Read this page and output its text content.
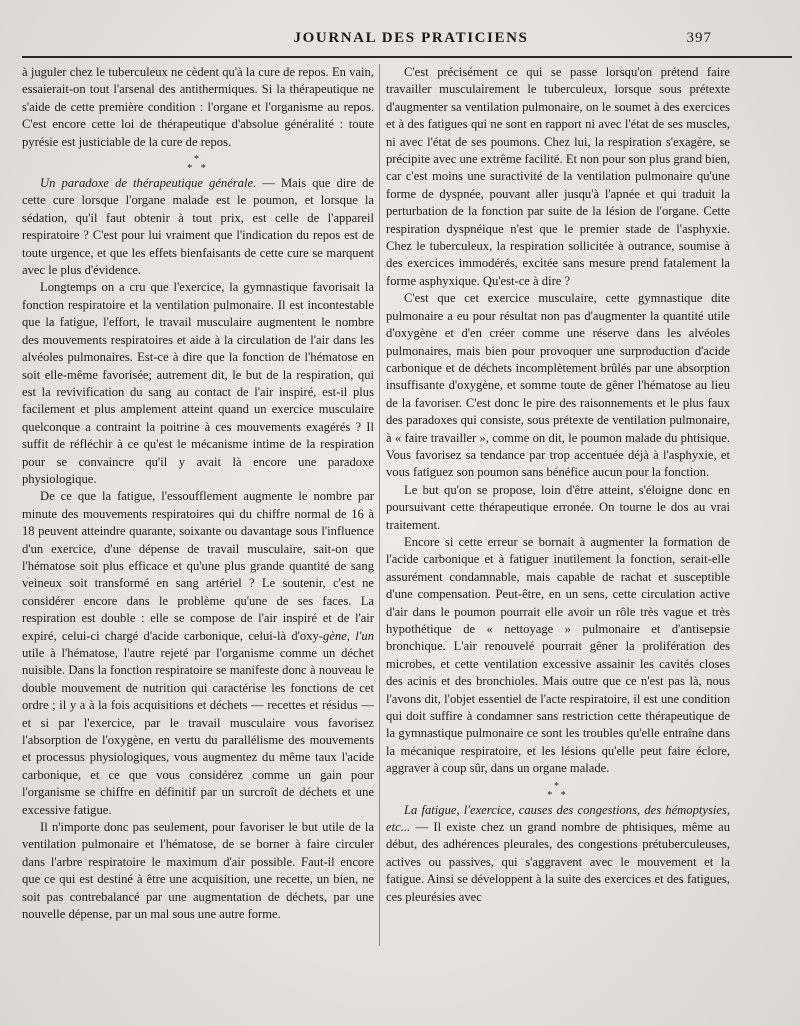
JOURNAL DES PRATICIENS	397

à juguler chez le tuberculeux ne cèdent qu'à la cure de repos. En vain, essaierait-on tout l'arsenal des antithermiques. Si la thérapeutique ne s'aide de cette première condition : l'organe et l'organisme au repos. C'est encore cette loi de thérapeutique d'absolue généralité : toute pyrésie est justiciable de la cure de repos.

*
* *

Un paradoxe de thérapeutique générale. — Mais que dire de cette cure lorsque l'organe malade est le poumon, et lorsque la sédation, qu'il faut obtenir à tout prix, est celle de l'appareil respiratoire ? C'est pour lui vraiment que l'indication du repos est de toute urgence, et que les effets bienfaisants de cette cure se marquent avec le plus d'évidence.

Longtemps on a cru que l'exercice, la gymnastique favorisait la fonction respiratoire et la ventilation pulmonaire. Il est incontestable que la fatigue, l'effort, le travail musculaire augmentent le nombre des mouvements respiratoires et aide à la circulation de l'air dans les alvéoles pulmonaires. Est-ce à dire que la fonction de l'hématose en soit elle-même favorisée; autrement dit, le but de la respiration, qui est la revivification du sang au contact de l'air inspiré, est-il plus facilement et plus amplement atteint quand un exercice musculaire quelconque a contraint la poitrine à ces mouvements exagérés ? Il suffit de réfléchir à ce qu'est le mécanisme intime de la respiration pour se convaincre qu'il y avait là encore une paradoxe physiologique.

De ce que la fatigue, l'essoufflement augmente le nombre par minute des mouvements respiratoires qui du chiffre normal de 16 à 18 peuvent atteindre quarante, soixante ou davantage sous l'influence d'un exercice, d'une dépense de travail musculaire, sait-on que l'hématose soit plus efficace et qu'une plus grande quantité de sang veineux soit transformé en sang artériel ? Le soutenir, c'est ne considérer encore dans le problème qu'une de ses faces. La respiration est double : elle se compose de l'air inspiré et de l'air expiré, celui-ci chargé d'acide carbonique, celui-là d'oxy-gène, l'un utile à l'hématose, l'autre rejeté par l'organisme comme un déchet nuisible. Dans la fonction respiratoire se manifeste donc à nouveau le double mouvement de nutrition qui caractérise les fonctions de cet ordre ; il y a à la fois acquisitions et déchets — recettes et résidus — et si par l'exercice, par le travail musculaire vous favorisez l'absorption de l'oxygène, en vertu du parallélisme des mouvements et processus physiologiques, vous augmentez du même taux l'acide carbonique, et ce que vous considérez comme un gain pour l'organisme se chiffre en définitif par un surcroît de déchets et une excessive fatigue.

Il n'importe donc pas seulement, pour favoriser le but utile de la ventilation pulmonaire et l'hématose, de se borner à faire circuler dans l'arbre respiratoire le maximum d'air possible. Faut-il encore que ce qui est destiné à être une acquisition, une recette, un bien, ne soit pas contrebalancé par une augmentation de déchets, par une nouvelle dépense, par un mal sous une autre forme.

C'est précisément ce qui se passe lorsqu'on prétend faire travailler musculairement le tuberculeux, lorsque sous prétexte d'augmenter sa ventilation pulmonaire, on le soumet à des exercices et à des fatigues qui ne sont en rapport ni avec l'état de ses muscles, ni avec l'état de ses poumons. Chez lui, la respiration s'exagère, se précipite avec une extrême facilité. Et non pour son plus grand bien, car c'est moins une suractivité de la ventilation pulmonaire qu'une forme de dyspnée, pouvant aller jusqu'à l'apnée et qui traduit la perturbation de la fonction par suite de la lésion de l'organe. Cette respiration dyspnéique n'est que le premier stade de l'asphyxie. Chez le tuberculeux, la respiration sollicitée à outrance, soumise à des exercices immodérés, excitée sans mesure prend fatalement la forme asphyxique. Qu'est-ce à dire ?

C'est que cet exercice musculaire, cette gymnastique dite pulmonaire a eu pour résultat non pas d'augmenter la quantité utile d'oxygène et d'en créer comme une réserve dans les alvéoles pulmonaires, mais bien pour provoquer une surproduction d'acide carbonique et de déchets incomplètement brûlés par une absorption insuffisante d'oxygène, et somme toute de gêner l'hématose au lieu de la favoriser. C'est donc le pire des raisonnements et le plus faux des paradoxes qui consiste, sous prétexte de ventilation pulmonaire, à « faire travailler », comme on dit, le poumon malade du phtisique. Vous favorisez sa tendance par trop accentuée déjà à l'asphyxie, et vous fatiguez son poumon sans bénéfice aucun pour la fonction.

Le but qu'on se propose, loin d'être atteint, s'éloigne donc en poursuivant cette thérapeutique erronée. On tourne le dos au vrai traitement.

Encore si cette erreur se bornait à augmenter la formation de l'acide carbonique et à fatiguer inutilement la fonction, serait-elle assurément condamnable, mais capable de rachat et susceptible d'une compensation. Peut-être, en un sens, cette circulation active d'air dans le poumon pourrait elle avoir un rôle très vague et très hypothétique de « nettoyage » pulmonaire et d'antisepsie bronchique. L'air renouvelé pourrait gêner la prolifération des microbes, et cette ventilation excessive assainir les cavités closes des acinis et des bronchioles. Mais outre que ce n'est pas là, nous l'avons dit, l'objet essentiel de l'acte respiratoire, il est une condition qui doit suffire à condamner sans restriction cette thérapeutique de la gymnastique pulmonaire ce sont les troubles qu'elle entraîne dans la mécanique respiratoire, et les lésions qu'elle peut faire éclore, aggraver à coup sûr, dans un organe malade.

*
* *

La fatigue, l'exercice, causes des congestions, des hémoptysies, etc... — Il existe chez un grand nombre de phtisiques, même au début, des adhérences pleurales, des congestions prétuberculeuses, actives ou passives, qui s'aggravent avec le mouvement et la fatigue. Ainsi se développent à la suite des exercices et des fatigues, ces pleurésies avec
